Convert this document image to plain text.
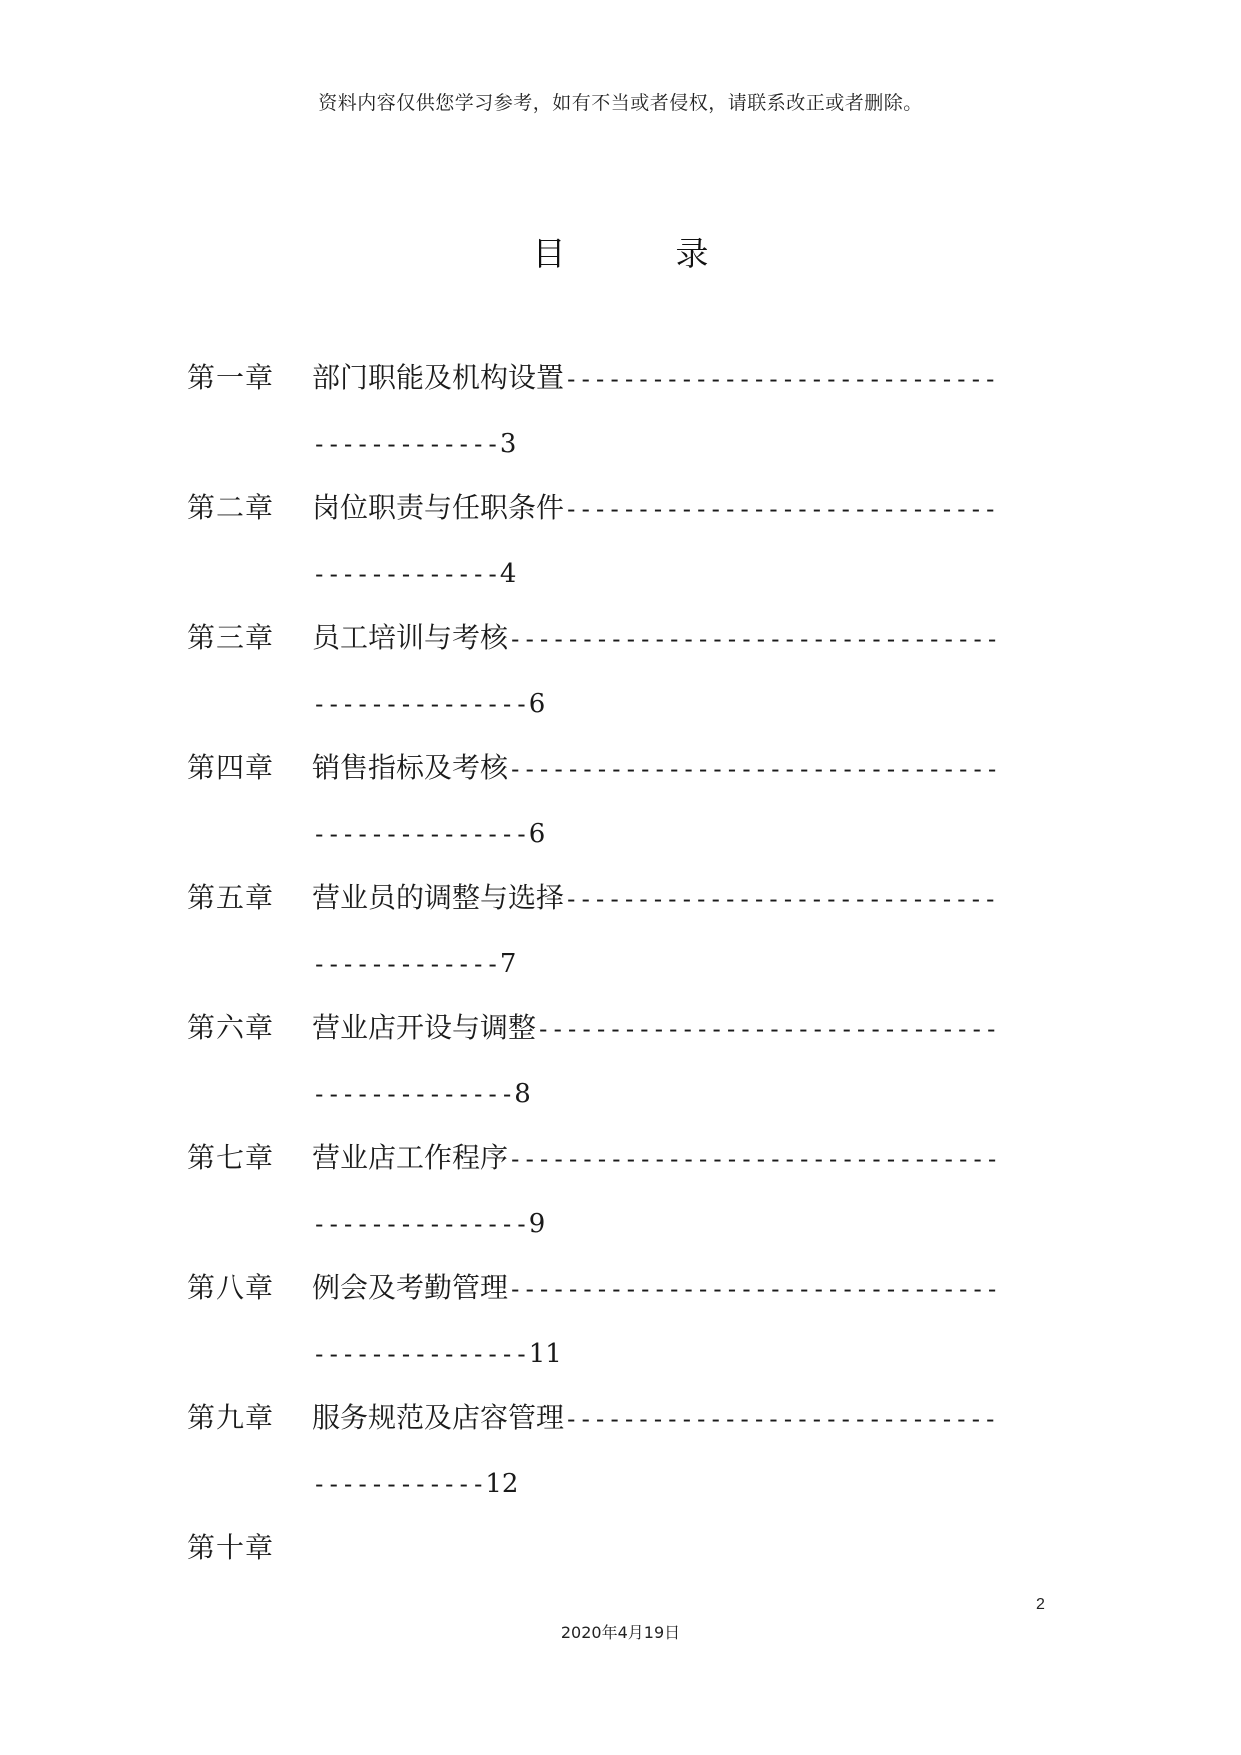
资料内容仅供您学习参考，如有不当或者侵权，请联系改正或者删除。
目	录
第一章 部门职能及机构设置------------------------------
-------------3
第二章 岗位职责与任职条件------------------------------
-------------4
第三章 员工培训与考核----------------------------------
---------------6
第四章 销售指标及考核----------------------------------
---------------6
第五章 营业员的调整与选择------------------------------
-------------7
第六章 营业店开设与调整--------------------------------
--------------8
第七章 营业店工作程序----------------------------------
---------------9
第八章 例会及考勤管理----------------------------------
---------------11
第九章 服务规范及店容管理------------------------------
------------12
第十章

2
2020年4月19日
